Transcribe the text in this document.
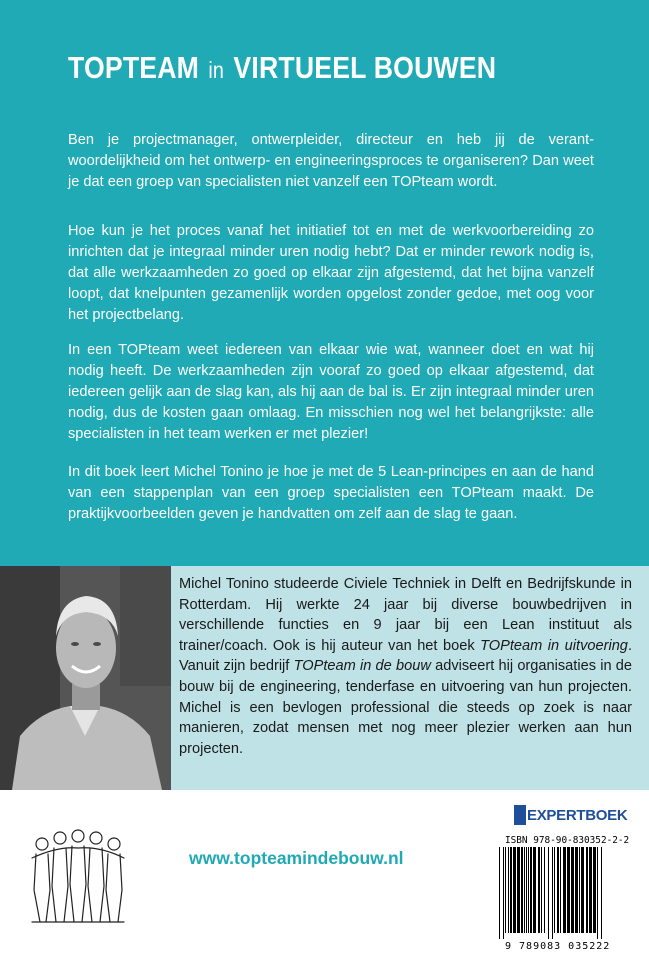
TOPTEAM in VIRTUEEL BOUWEN

Ben je projectmanager, ontwerpleider, directeur en heb jij de verant-woordelijkheid om het ontwerp- en engineeringsproces te organiseren? Dan weet je dat een groep van specialisten niet vanzelf een TOPteam wordt.

Hoe kun je het proces vanaf het initiatief tot en met de werkvoorbereiding zo inrichten dat je integraal minder uren nodig hebt? Dat er minder rework nodig is, dat alle werkzaamheden zo goed op elkaar zijn afgestemd, dat het bijna vanzelf loopt, dat knelpunten gezamenlijk worden opgelost zonder gedoe, met oog voor het projectbelang.

In een TOPteam weet iedereen van elkaar wie wat, wanneer doet en wat hij nodig heeft. De werkzaamheden zijn vooraf zo goed op elkaar afgestemd, dat iedereen gelijk aan de slag kan, als hij aan de bal is. Er zijn integraal minder uren nodig, dus de kosten gaan omlaag. En misschien nog wel het belangrijkste: alle specialisten in het team werken er met plezier!

In dit boek leert Michel Tonino je hoe je met de 5 Lean-principes en aan de hand van een stappenplan van een groep specialisten een TOPteam maakt. De praktijkvoorbeelden geven je handvatten om zelf aan de slag te gaan.

Michel Tonino studeerde Civiele Techniek in Delft en Bedrijfskunde in Rotterdam. Hij werkte 24 jaar bij diverse bouwbedrijven in verschillende functies en 9 jaar bij een Lean instituut als trainer/coach. Ook is hij auteur van het boek TOPteam in uitvoering. Vanuit zijn bedrijf TOPteam in de bouw adviseert hij organisaties in de bouw bij de engineering, tenderfase en uitvoering van hun projecten. Michel is een bevlogen professional die steeds op zoek is naar manieren, zodat mensen met nog meer plezier werken aan hun projecten.

www.topteamindebouw.nl

EXPERTBOEK

ISBN 978-90-830352-2-2

9 789083 035222
